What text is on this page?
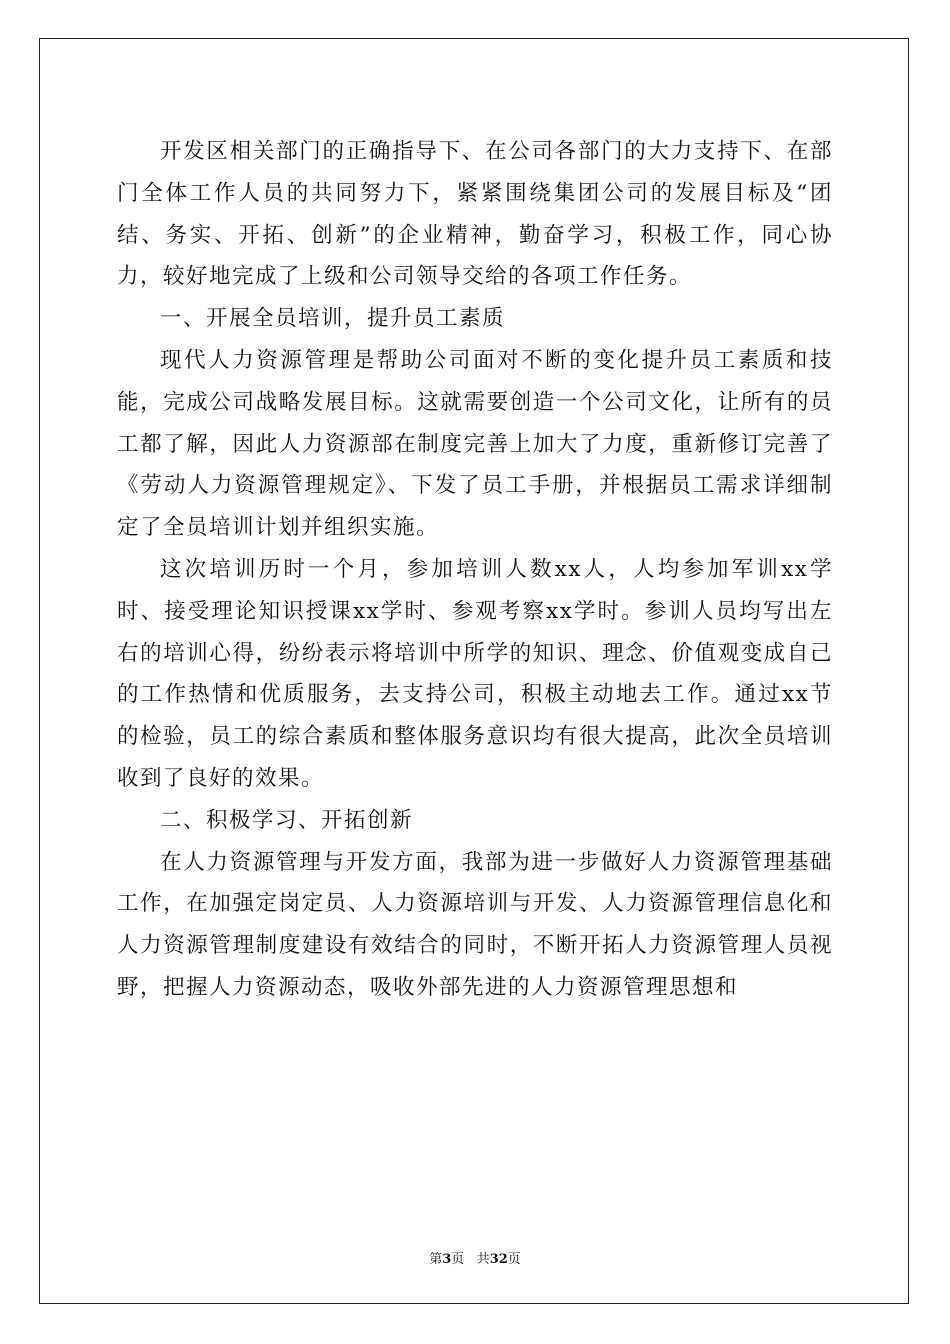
开发区相关部门的正确指导下、在公司各部门的大力支持下、在部门全体工作人员的共同努力下，紧紧围绕集团公司的发展目标及“团结、务实、开拓、创新”的企业精神，勤奋学习，积极工作，同心协力，较好地完成了上级和公司领导交给的各项工作任务。

一、开展全员培训，提升员工素质

现代人力资源管理是帮助公司面对不断的变化提升员工素质和技能，完成公司战略发展目标。这就需要创造一个公司文化，让所有的员工都了解，因此人力资源部在制度完善上加大了力度，重新修订完善了《劳动人力资源管理规定》、下发了员工手册，并根据员工需求详细制定了全员培训计划并组织实施。

这次培训历时一个月，参加培训人数xx人，人均参加军训xx学时、接受理论知识授课xx学时、参观考察xx学时。参训人员均写出左右的培训心得，纷纷表示将培训中所学的知识、理念、价值观变成自己的工作热情和优质服务，去支持公司，积极主动地去工作。通过xx节的检验，员工的综合素质和整体服务意识均有很大提高，此次全员培训收到了良好的效果。

二、积极学习、开拓创新

在人力资源管理与开发方面，我部为进一步做好人力资源管理基础工作，在加强定岗定员、人力资源培训与开发、人力资源管理信息化和人力资源管理制度建设有效结合的同时，不断开拓人力资源管理人员视野，把握人力资源动态，吸收外部先进的人力资源管理思想和

第3页 共32页
